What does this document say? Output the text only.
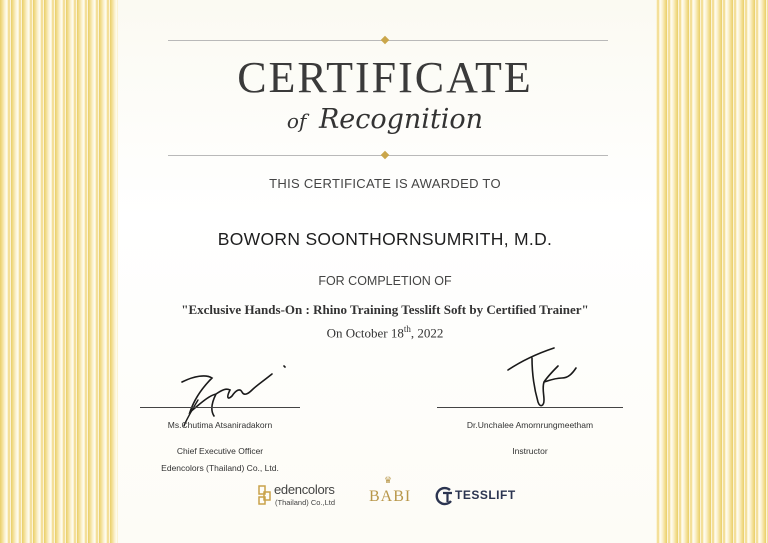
CERTIFICATE
of Recognition
THIS CERTIFICATE IS AWARDED TO
BOWORN SOONTHORNSUMRITH, M.D.
FOR COMPLETION OF
"Exclusive Hands-On : Rhino Training Tesslift Soft by Certified Trainer"
On October 18th, 2022
Ms.Chutima Atsaniradakorn
Chief Executive Officer
Edencolors (Thailand) Co., Ltd.
Dr.Unchalee Amornrungmeetham
Instructor
edencolors
(Thailand) Co.,Ltd
♛
BABI	TESSLIFT
